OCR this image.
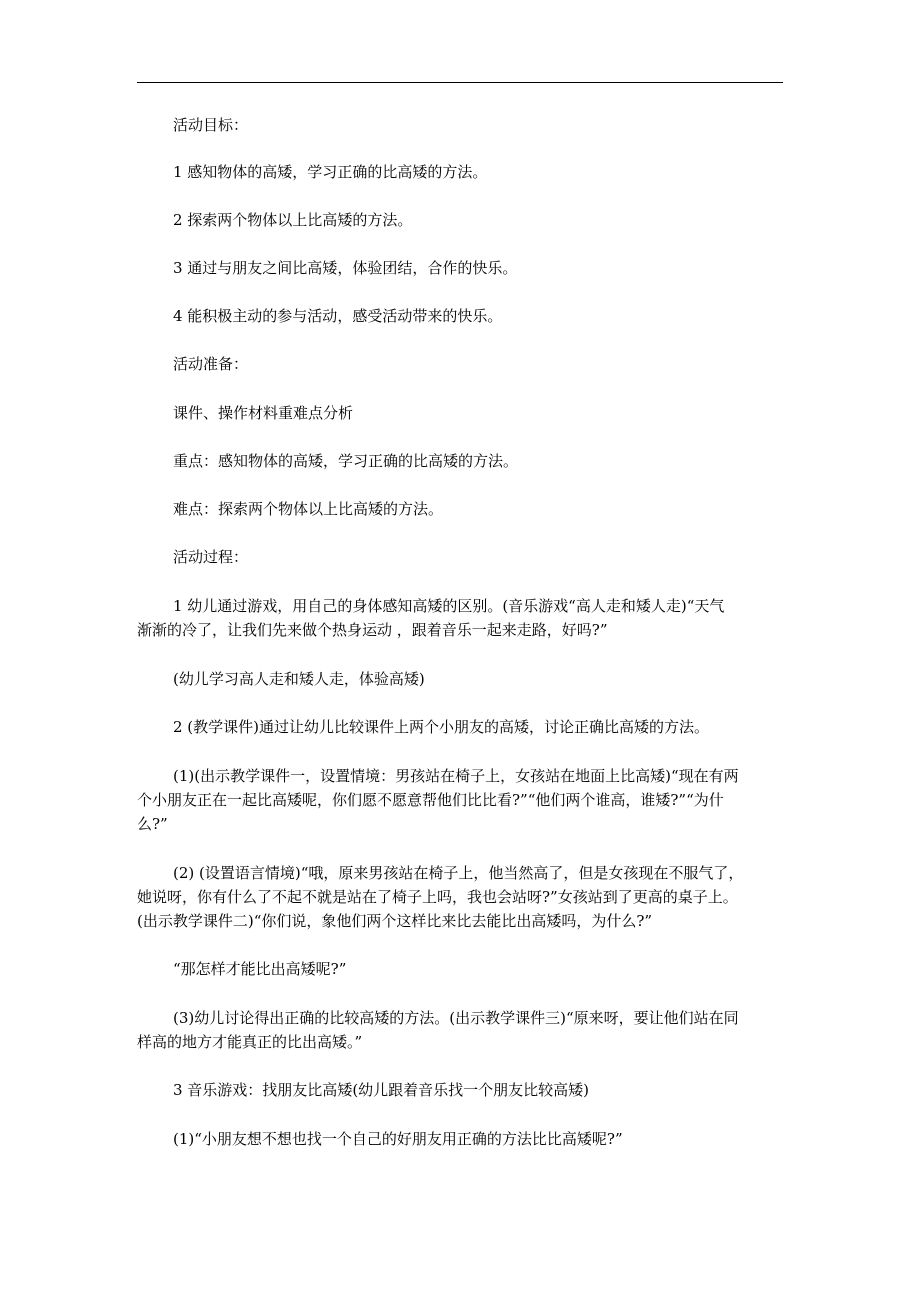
活动目标：
1 感知物体的高矮，学习正确的比高矮的方法。
2 探索两个物体以上比高矮的方法。
3 通过与朋友之间比高矮，体验团结，合作的快乐。
4 能积极主动的参与活动，感受活动带来的快乐。
活动准备：
课件、操作材料重难点分析
重点：感知物体的高矮，学习正确的比高矮的方法。
难点：探索两个物体以上比高矮的方法。
活动过程：
1 幼儿通过游戏，用自己的身体感知高矮的区别。(音乐游戏“高人走和矮人走)“天气
渐渐的冷了，让我们先来做个热身运动 ，跟着音乐一起来走路，好吗?”
(幼儿学习高人走和矮人走，体验高矮)
2 (教学课件)通过让幼儿比较课件上两个小朋友的高矮，讨论正确比高矮的方法。
(1)(出示教学课件一，设置情境：男孩站在椅子上，女孩站在地面上比高矮)“现在有两
个小朋友正在一起比高矮呢，你们愿不愿意帮他们比比看?”“他们两个谁高，谁矮?”“为什
么?”
(2) (设置语言情境)“哦，原来男孩站在椅子上，他当然高了，但是女孩现在不服气了，
她说呀，你有什么了不起不就是站在了椅子上吗，我也会站呀?”女孩站到了更高的桌子上。
(出示教学课件二)“你们说，象他们两个这样比来比去能比出高矮吗，为什么?”
“那怎样才能比出高矮呢?”
(3)幼儿讨论得出正确的比较高矮的方法。(出示教学课件三)“原来呀，要让他们站在同
样高的地方才能真正的比出高矮。”
3 音乐游戏：找朋友比高矮(幼儿跟着音乐找一个朋友比较高矮)
(1)“小朋友想不想也找一个自己的好朋友用正确的方法比比高矮呢?”
